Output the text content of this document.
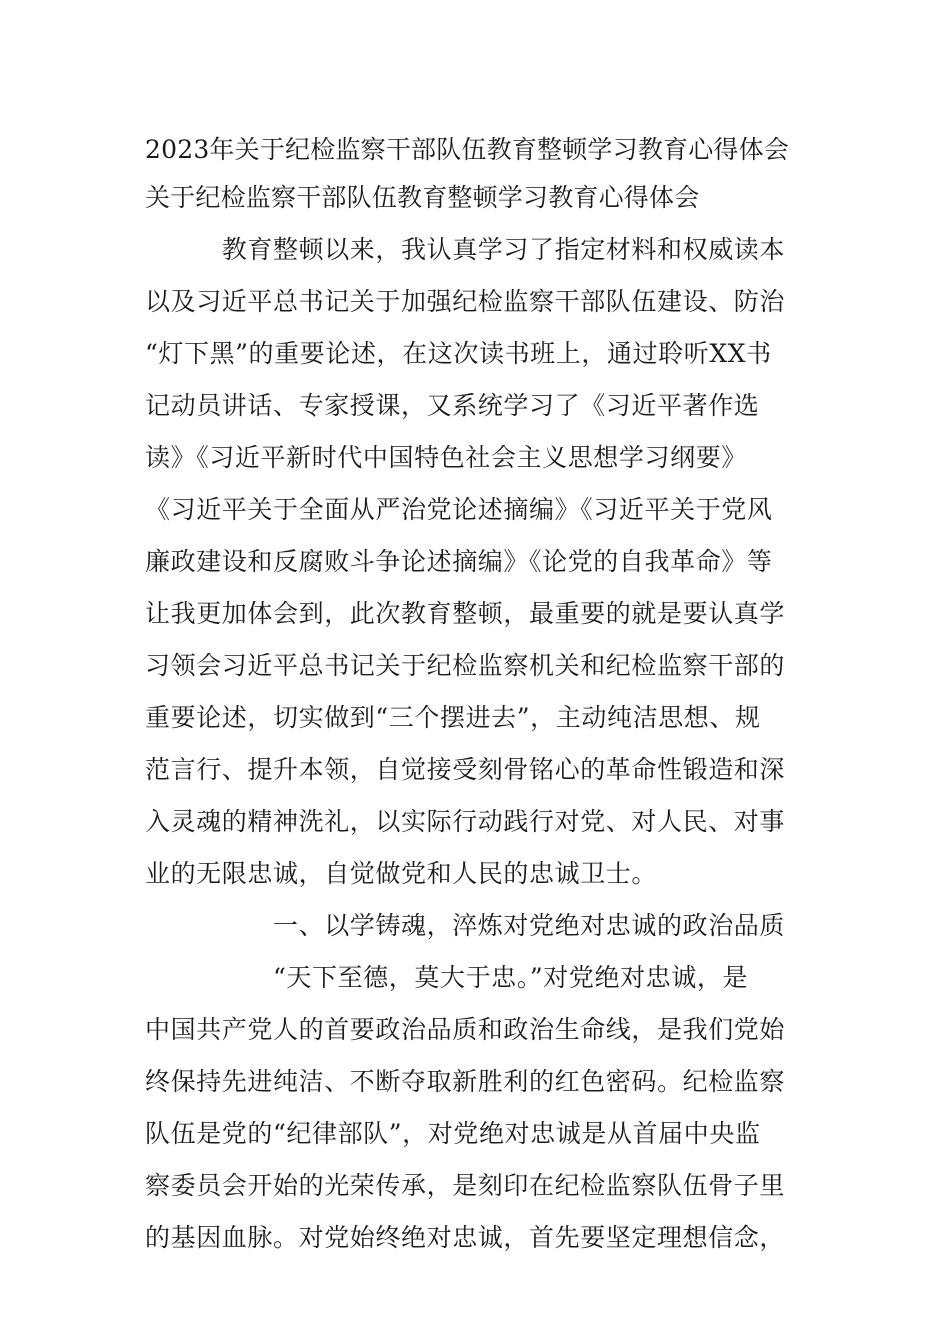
2023年关于纪检监察干部队伍教育整顿学习教育心得体会
关于纪检监察干部队伍教育整顿学习教育心得体会
　　　教育整顿以来，我认真学习了指定材料和权威读本
以及习近平总书记关于加强纪检监察干部队伍建设、防治
“灯下黑”的重要论述，在这次读书班上，通过聆听XX书
记动员讲话、专家授课，又系统学习了《习近平著作选
读》《习近平新时代中国特色社会主义思想学习纲要》
《习近平关于全面从严治党论述摘编》《习近平关于党风
廉政建设和反腐败斗争论述摘编》《论党的自我革命》等
让我更加体会到，此次教育整顿，最重要的就是要认真学
习领会习近平总书记关于纪检监察机关和纪检监察干部的
重要论述，切实做到“三个摆进去”，主动纯洁思想、规
范言行、提升本领，自觉接受刻骨铭心的革命性锻造和深
入灵魂的精神洗礼，以实际行动践行对党、对人民、对事
业的无限忠诚，自觉做党和人民的忠诚卫士。
　　　　　一、以学铸魂，淬炼对党绝对忠诚的政治品质
　　　　　“天下至德，莫大于忠。”对党绝对忠诚，是
中国共产党人的首要政治品质和政治生命线，是我们党始
终保持先进纯洁、不断夺取新胜利的红色密码。纪检监察
队伍是党的“纪律部队”，对党绝对忠诚是从首届中央监
察委员会开始的光荣传承，是刻印在纪检监察队伍骨子里
的基因血脉。对党始终绝对忠诚，首先要坚定理想信念，
